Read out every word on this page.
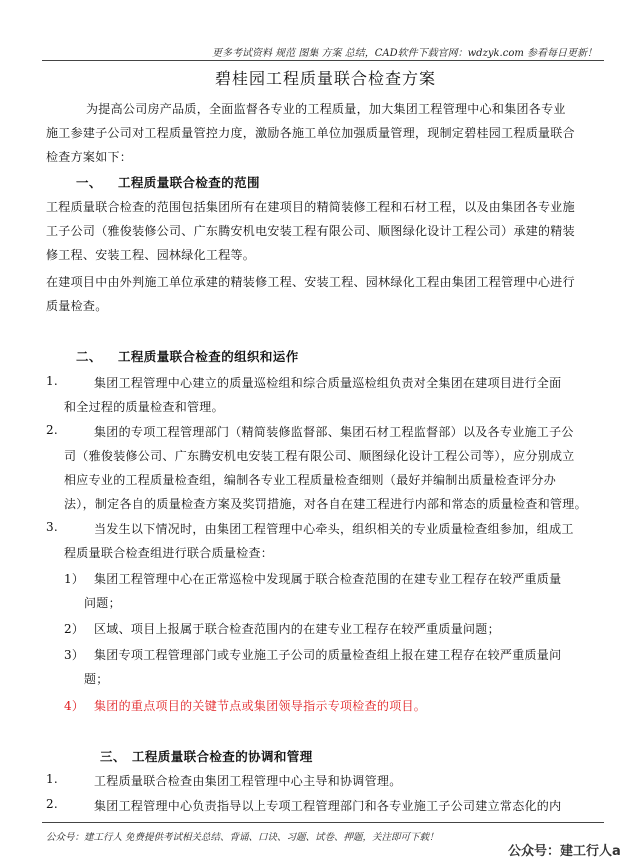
更多考试资料 规范 图集 方案 总结，CAD软件下载官网：wdzyk.com 参看每日更新！
碧桂园工程质量联合检查方案
为提高公司房产品质，全面监督各专业的工程质量，加大集团工程管理中心和集团各专业
施工参建子公司对工程质量管控力度，激励各施工单位加强质量管理，现制定碧桂园工程质量联合
检查方案如下：
一、 工程质量联合检查的范围
工程质量联合检查的范围包括集团所有在建项目的精简装修工程和石材工程，以及由集团各专业施
工子公司（雅俊装修公司、广东腾安机电安装工程有限公司、顺图绿化设计工程公司）承建的精装
修工程、安装工程、园林绿化工程等。
在建项目中由外判施工单位承建的精装修工程、安装工程、园林绿化工程由集团工程管理中心进行
质量检查。
二、 工程质量联合检查的组织和运作
1.	集团工程管理中心建立的质量巡检组和综合质量巡检组负责对全集团在建项目进行全面
和全过程的质量检查和管理。
2.	集团的专项工程管理部门（精简装修监督部、集团石材工程监督部）以及各专业施工子公
司（雅俊装修公司、广东腾安机电安装工程有限公司、顺图绿化设计工程公司等），应分别成立
相应专业的工程质量检查组，编制各专业工程质量检查细则（最好并编制出质量检查评分办
法），制定各自的质量检查方案及奖罚措施，对各自在建工程进行内部和常态的质量检查和管理。
3.	当发生以下情况时，由集团工程管理中心牵头，组织相关的专业质量检查组参加，组成工
程质量联合检查组进行联合质量检查：
1） 集团工程管理中心在正常巡检中发现属于联合检查范围的在建专业工程存在较严重质量
问题；
2） 区域、项目上报属于联合检查范围内的在建专业工程存在较严重质量问题；
3） 集团专项工程管理部门或专业施工子公司的质量检查组上报在建工程存在较严重质量问
题；
4） 集团的重点项目的关键节点或集团领导指示专项检查的项目。
三、 工程质量联合检查的协调和管理
1.	工程质量联合检查由集团工程管理中心主导和协调管理。
2.	集团工程管理中心负责指导以上专项工程管理部门和各专业施工子公司建立常态化的内
公众号：建工行人 免费提供考试相关总结、背诵、口诀、习题、试卷、押题，关注即可下载！
公众号：建工行人a
